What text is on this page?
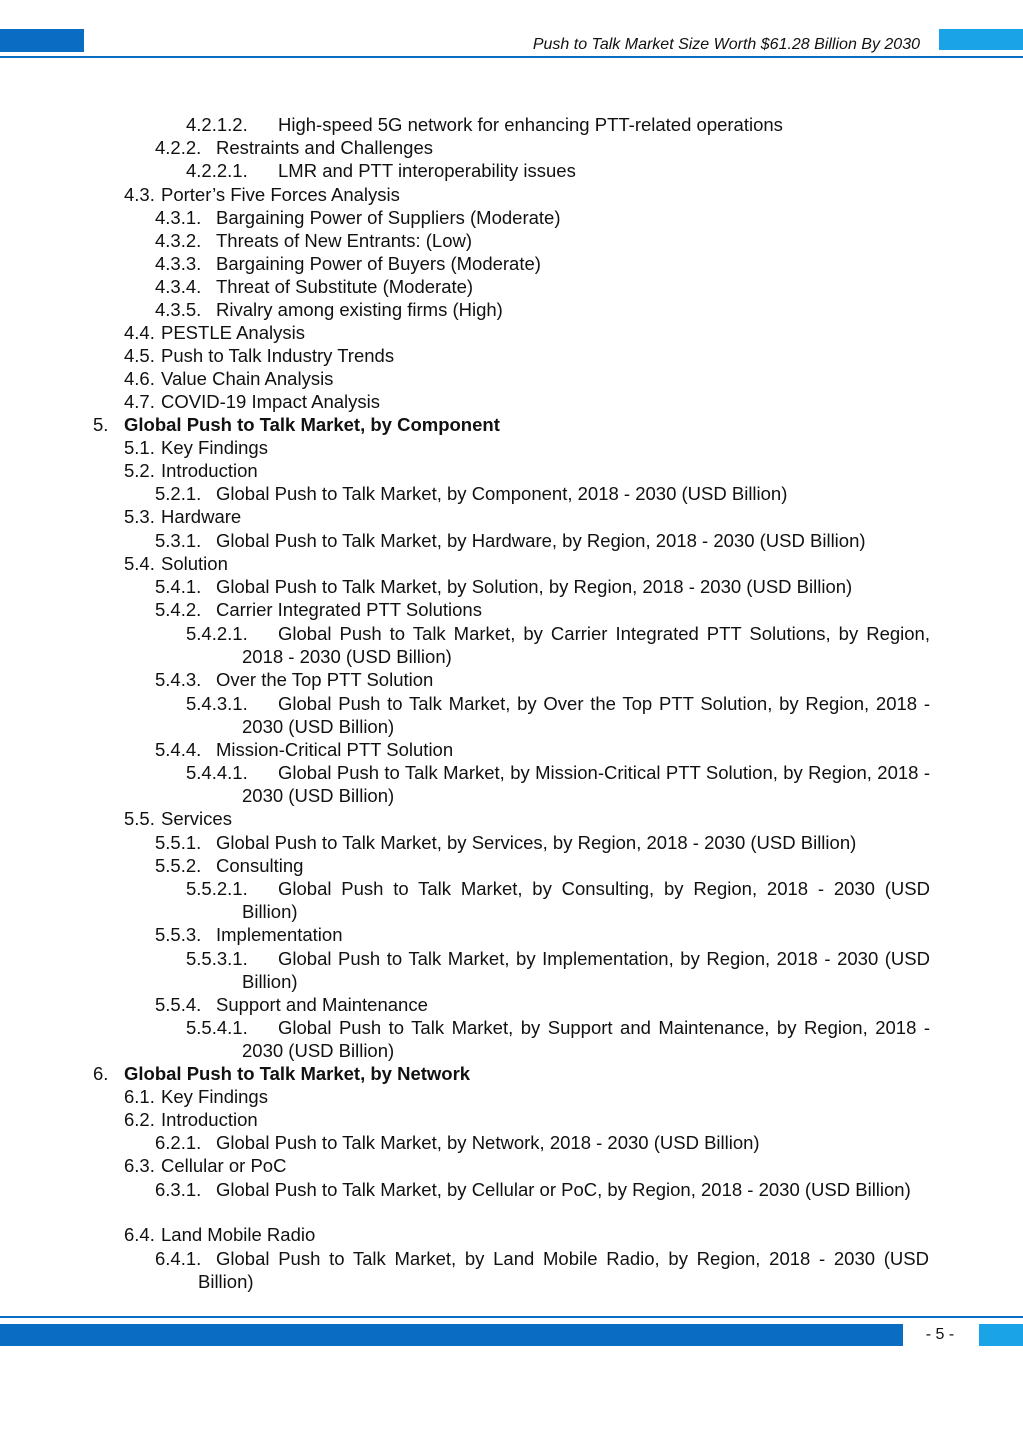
Push to Talk Market Size Worth $61.28 Billion By 2030
4.2.1.2. High-speed 5G network for enhancing PTT-related operations
4.2.2. Restraints and Challenges
4.2.2.1. LMR and PTT interoperability issues
4.3. Porter’s Five Forces Analysis
4.3.1. Bargaining Power of Suppliers (Moderate)
4.3.2. Threats of New Entrants: (Low)
4.3.3. Bargaining Power of Buyers (Moderate)
4.3.4. Threat of Substitute (Moderate)
4.3.5. Rivalry among existing firms (High)
4.4. PESTLE Analysis
4.5. Push to Talk Industry Trends
4.6. Value Chain Analysis
4.7. COVID-19 Impact Analysis
5. Global Push to Talk Market, by Component
5.1. Key Findings
5.2. Introduction
5.2.1. Global Push to Talk Market, by Component, 2018 - 2030 (USD Billion)
5.3. Hardware
5.3.1. Global Push to Talk Market, by Hardware, by Region, 2018 - 2030 (USD Billion)
5.4. Solution
5.4.1. Global Push to Talk Market, by Solution, by Region, 2018 - 2030 (USD Billion)
5.4.2. Carrier Integrated PTT Solutions
5.4.2.1.	Global Push to Talk Market, by Carrier Integrated PTT Solutions, by Region, 2018 - 2030 (USD Billion)
5.4.3. Over the Top PTT Solution
5.4.3.1.	Global Push to Talk Market, by Over the Top PTT Solution, by Region, 2018 - 2030 (USD Billion)
5.4.4. Mission-Critical PTT Solution
5.4.4.1.	Global Push to Talk Market, by Mission-Critical PTT Solution, by Region, 2018 - 2030 (USD Billion)
5.5. Services
5.5.1. Global Push to Talk Market, by Services, by Region, 2018 - 2030 (USD Billion)
5.5.2. Consulting
5.5.2.1.	Global Push to Talk Market, by Consulting, by Region, 2018 - 2030 (USD Billion)
5.5.3. Implementation
5.5.3.1.	Global Push to Talk Market, by Implementation, by Region, 2018 - 2030 (USD Billion)
5.5.4. Support and Maintenance
5.5.4.1.	Global Push to Talk Market, by Support and Maintenance, by Region, 2018 - 2030 (USD Billion)
6. Global Push to Talk Market, by Network
6.1. Key Findings
6.2. Introduction
6.2.1. Global Push to Talk Market, by Network, 2018 - 2030 (USD Billion)
6.3. Cellular or PoC
6.3.1. Global Push to Talk Market, by Cellular or PoC, by Region, 2018 - 2030 (USD Billion)
6.4. Land Mobile Radio
6.4.1. Global Push to Talk Market, by Land Mobile Radio, by Region, 2018 - 2030 (USD Billion)
- 5 -
